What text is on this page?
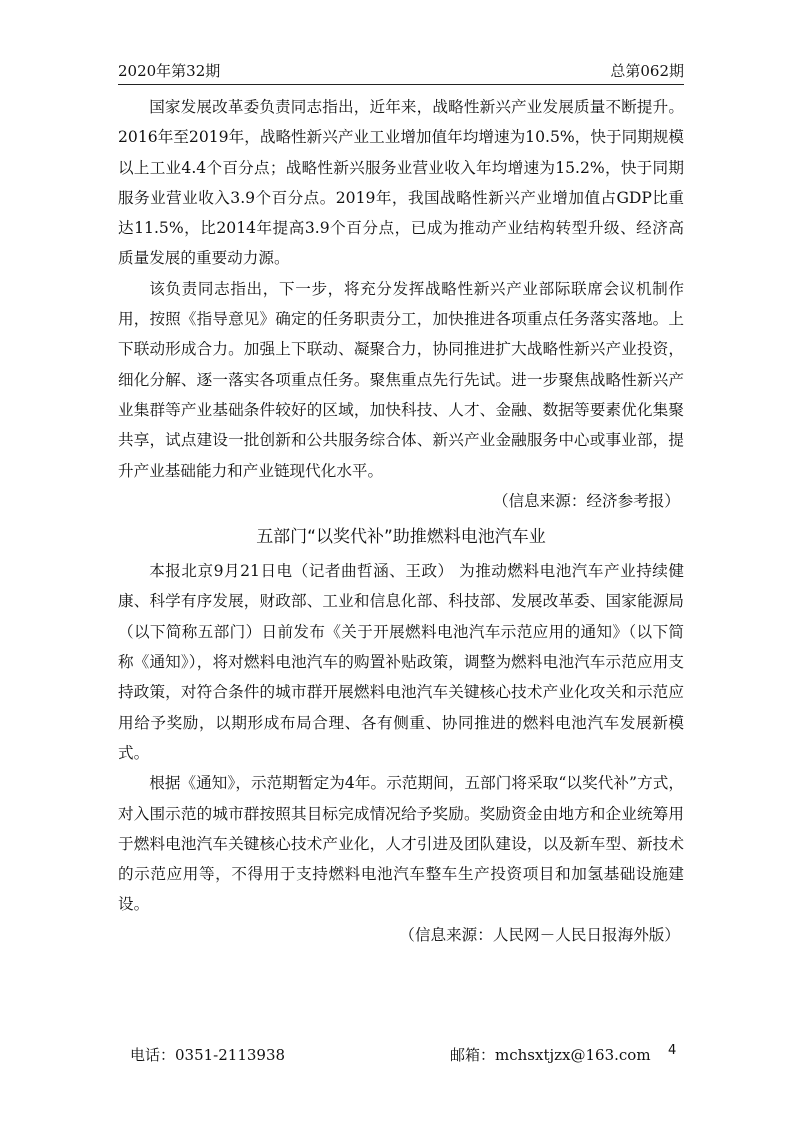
2020年第32期	总第062期

国家发展改革委负责同志指出，近年来，战略性新兴产业发展质量不断提升。2016年至2019年，战略性新兴产业工业增加值年均增速为10.5%，快于同期规模以上工业4.4个百分点；战略性新兴服务业营业收入年均增速为15.2%，快于同期服务业营业收入3.9个百分点。2019年，我国战略性新兴产业增加值占GDP比重达11.5%，比2014年提高3.9个百分点，已成为推动产业结构转型升级、经济高质量发展的重要动力源。

该负责同志指出，下一步，将充分发挥战略性新兴产业部际联席会议机制作用，按照《指导意见》确定的任务职责分工，加快推进各项重点任务落实落地。上下联动形成合力。加强上下联动、凝聚合力，协同推进扩大战略性新兴产业投资，细化分解、逐一落实各项重点任务。聚焦重点先行先试。进一步聚焦战略性新兴产业集群等产业基础条件较好的区域，加快科技、人才、金融、数据等要素优化集聚共享，试点建设一批创新和公共服务综合体、新兴产业金融服务中心或事业部，提升产业基础能力和产业链现代化水平。

（信息来源：经济参考报）

五部门“以奖代补”助推燃料电池汽车业

本报北京9月21日电（记者曲哲涵、王政） 为推动燃料电池汽车产业持续健康、科学有序发展，财政部、工业和信息化部、科技部、发展改革委、国家能源局（以下简称五部门）日前发布《关于开展燃料电池汽车示范应用的通知》（以下简称《通知》），将对燃料电池汽车的购置补贴政策，调整为燃料电池汽车示范应用支持政策，对符合条件的城市群开展燃料电池汽车关键核心技术产业化攻关和示范应用给予奖励，以期形成布局合理、各有侧重、协同推进的燃料电池汽车发展新模式。

根据《通知》，示范期暂定为4年。示范期间，五部门将采取“以奖代补”方式，对入围示范的城市群按照其目标完成情况给予奖励。奖励资金由地方和企业统筹用于燃料电池汽车关键核心技术产业化，人才引进及团队建设，以及新车型、新技术的示范应用等，不得用于支持燃料电池汽车整车生产投资项目和加氢基础设施建设。

（信息来源：人民网－人民日报海外版）

电话：0351-2113938	邮箱：mchsxtjzx@163.com 4
